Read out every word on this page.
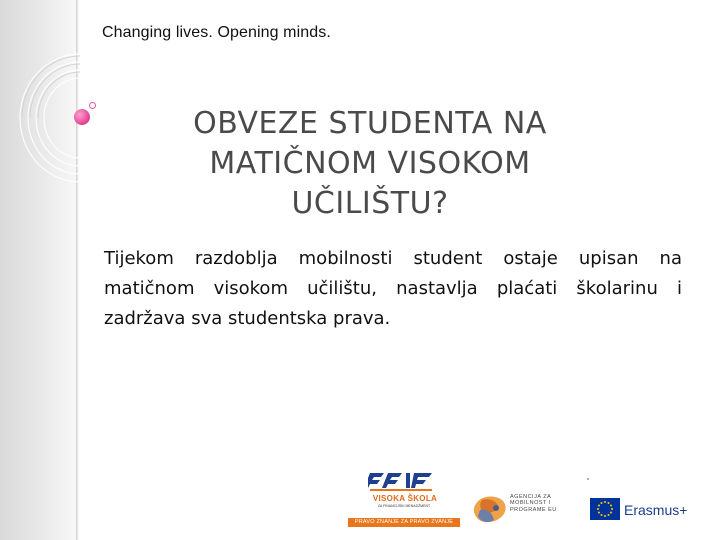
Changing lives. Opening minds.
OBVEZE STUDENTA NA
MATIČNOM VISOKOM
UČILIŠTU?
Tijekom razdoblja mobilnosti student ostaje upisan na matičnom visokom učilištu, nastavlja plaćati školarinu i zadržava sva studentska prava.
VISOKA ŠKOLA
ZA FINANCIJSKI MENADŽMENT
PRAVO ZNANJE ZA PRAVO ZVANJE
AGENCIJA ZA
MOBILNOST I
PROGRAME EU	Erasmus+
